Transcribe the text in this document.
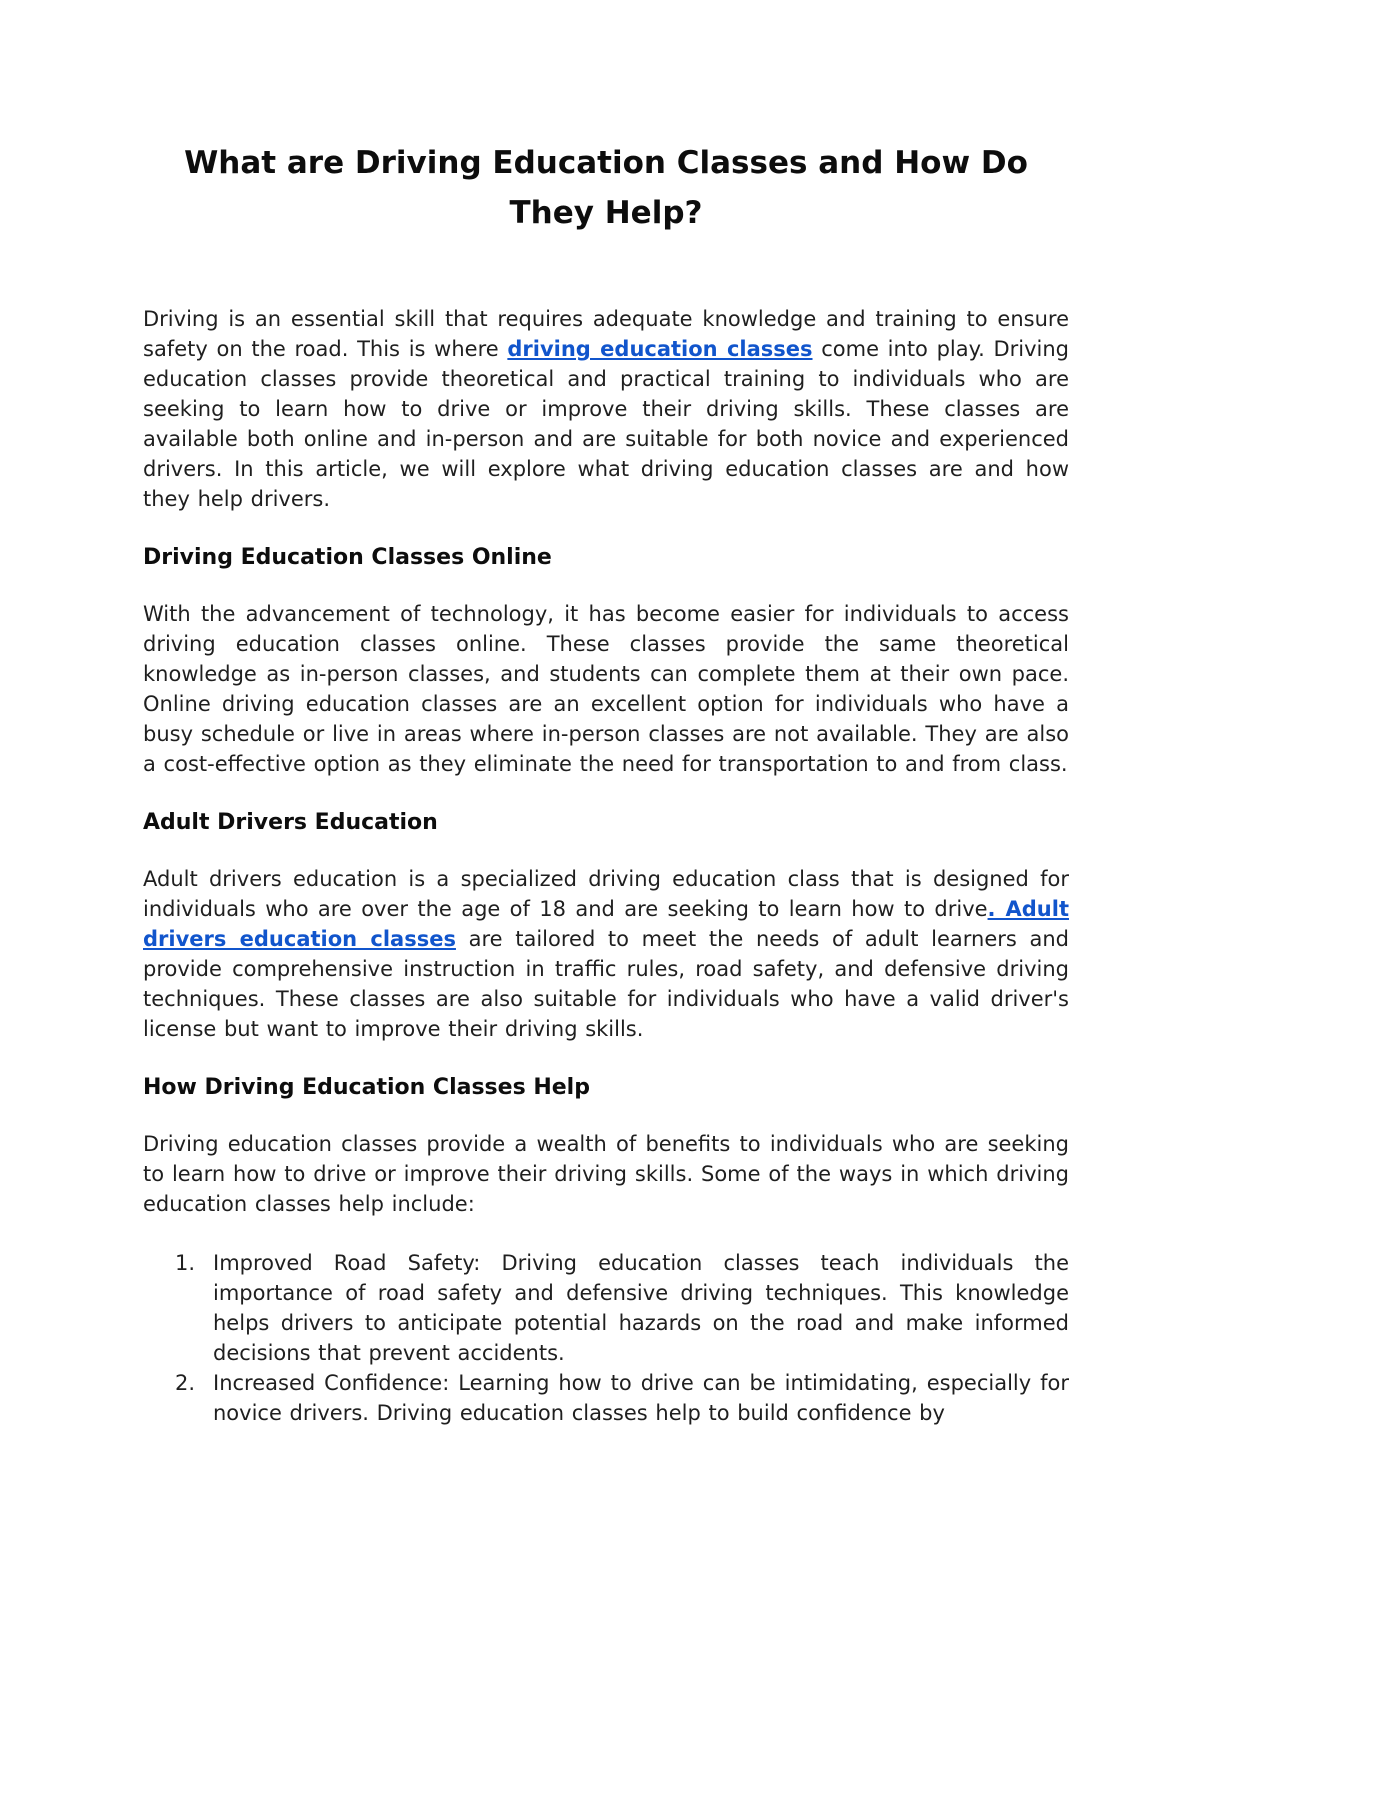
What are Driving Education Classes and How Do They Help?

Driving is an essential skill that requires adequate knowledge and training to ensure safety on the road. This is where driving education classes come into play. Driving education classes provide theoretical and practical training to individuals who are seeking to learn how to drive or improve their driving skills. These classes are available both online and in-person and are suitable for both novice and experienced drivers. In this article, we will explore what driving education classes are and how they help drivers.

Driving Education Classes Online

With the advancement of technology, it has become easier for individuals to access driving education classes online. These classes provide the same theoretical knowledge as in-person classes, and students can complete them at their own pace. Online driving education classes are an excellent option for individuals who have a busy schedule or live in areas where in-person classes are not available. They are also a cost-effective option as they eliminate the need for transportation to and from class.

Adult Drivers Education

Adult drivers education is a specialized driving education class that is designed for individuals who are over the age of 18 and are seeking to learn how to drive. Adult drivers education classes are tailored to meet the needs of adult learners and provide comprehensive instruction in traffic rules, road safety, and defensive driving techniques. These classes are also suitable for individuals who have a valid driver's license but want to improve their driving skills.

How Driving Education Classes Help

Driving education classes provide a wealth of benefits to individuals who are seeking to learn how to drive or improve their driving skills. Some of the ways in which driving education classes help include:

1. Improved Road Safety: Driving education classes teach individuals the importance of road safety and defensive driving techniques. This knowledge helps drivers to anticipate potential hazards on the road and make informed decisions that prevent accidents.
2. Increased Confidence: Learning how to drive can be intimidating, especially for novice drivers. Driving education classes help to build confidence by
